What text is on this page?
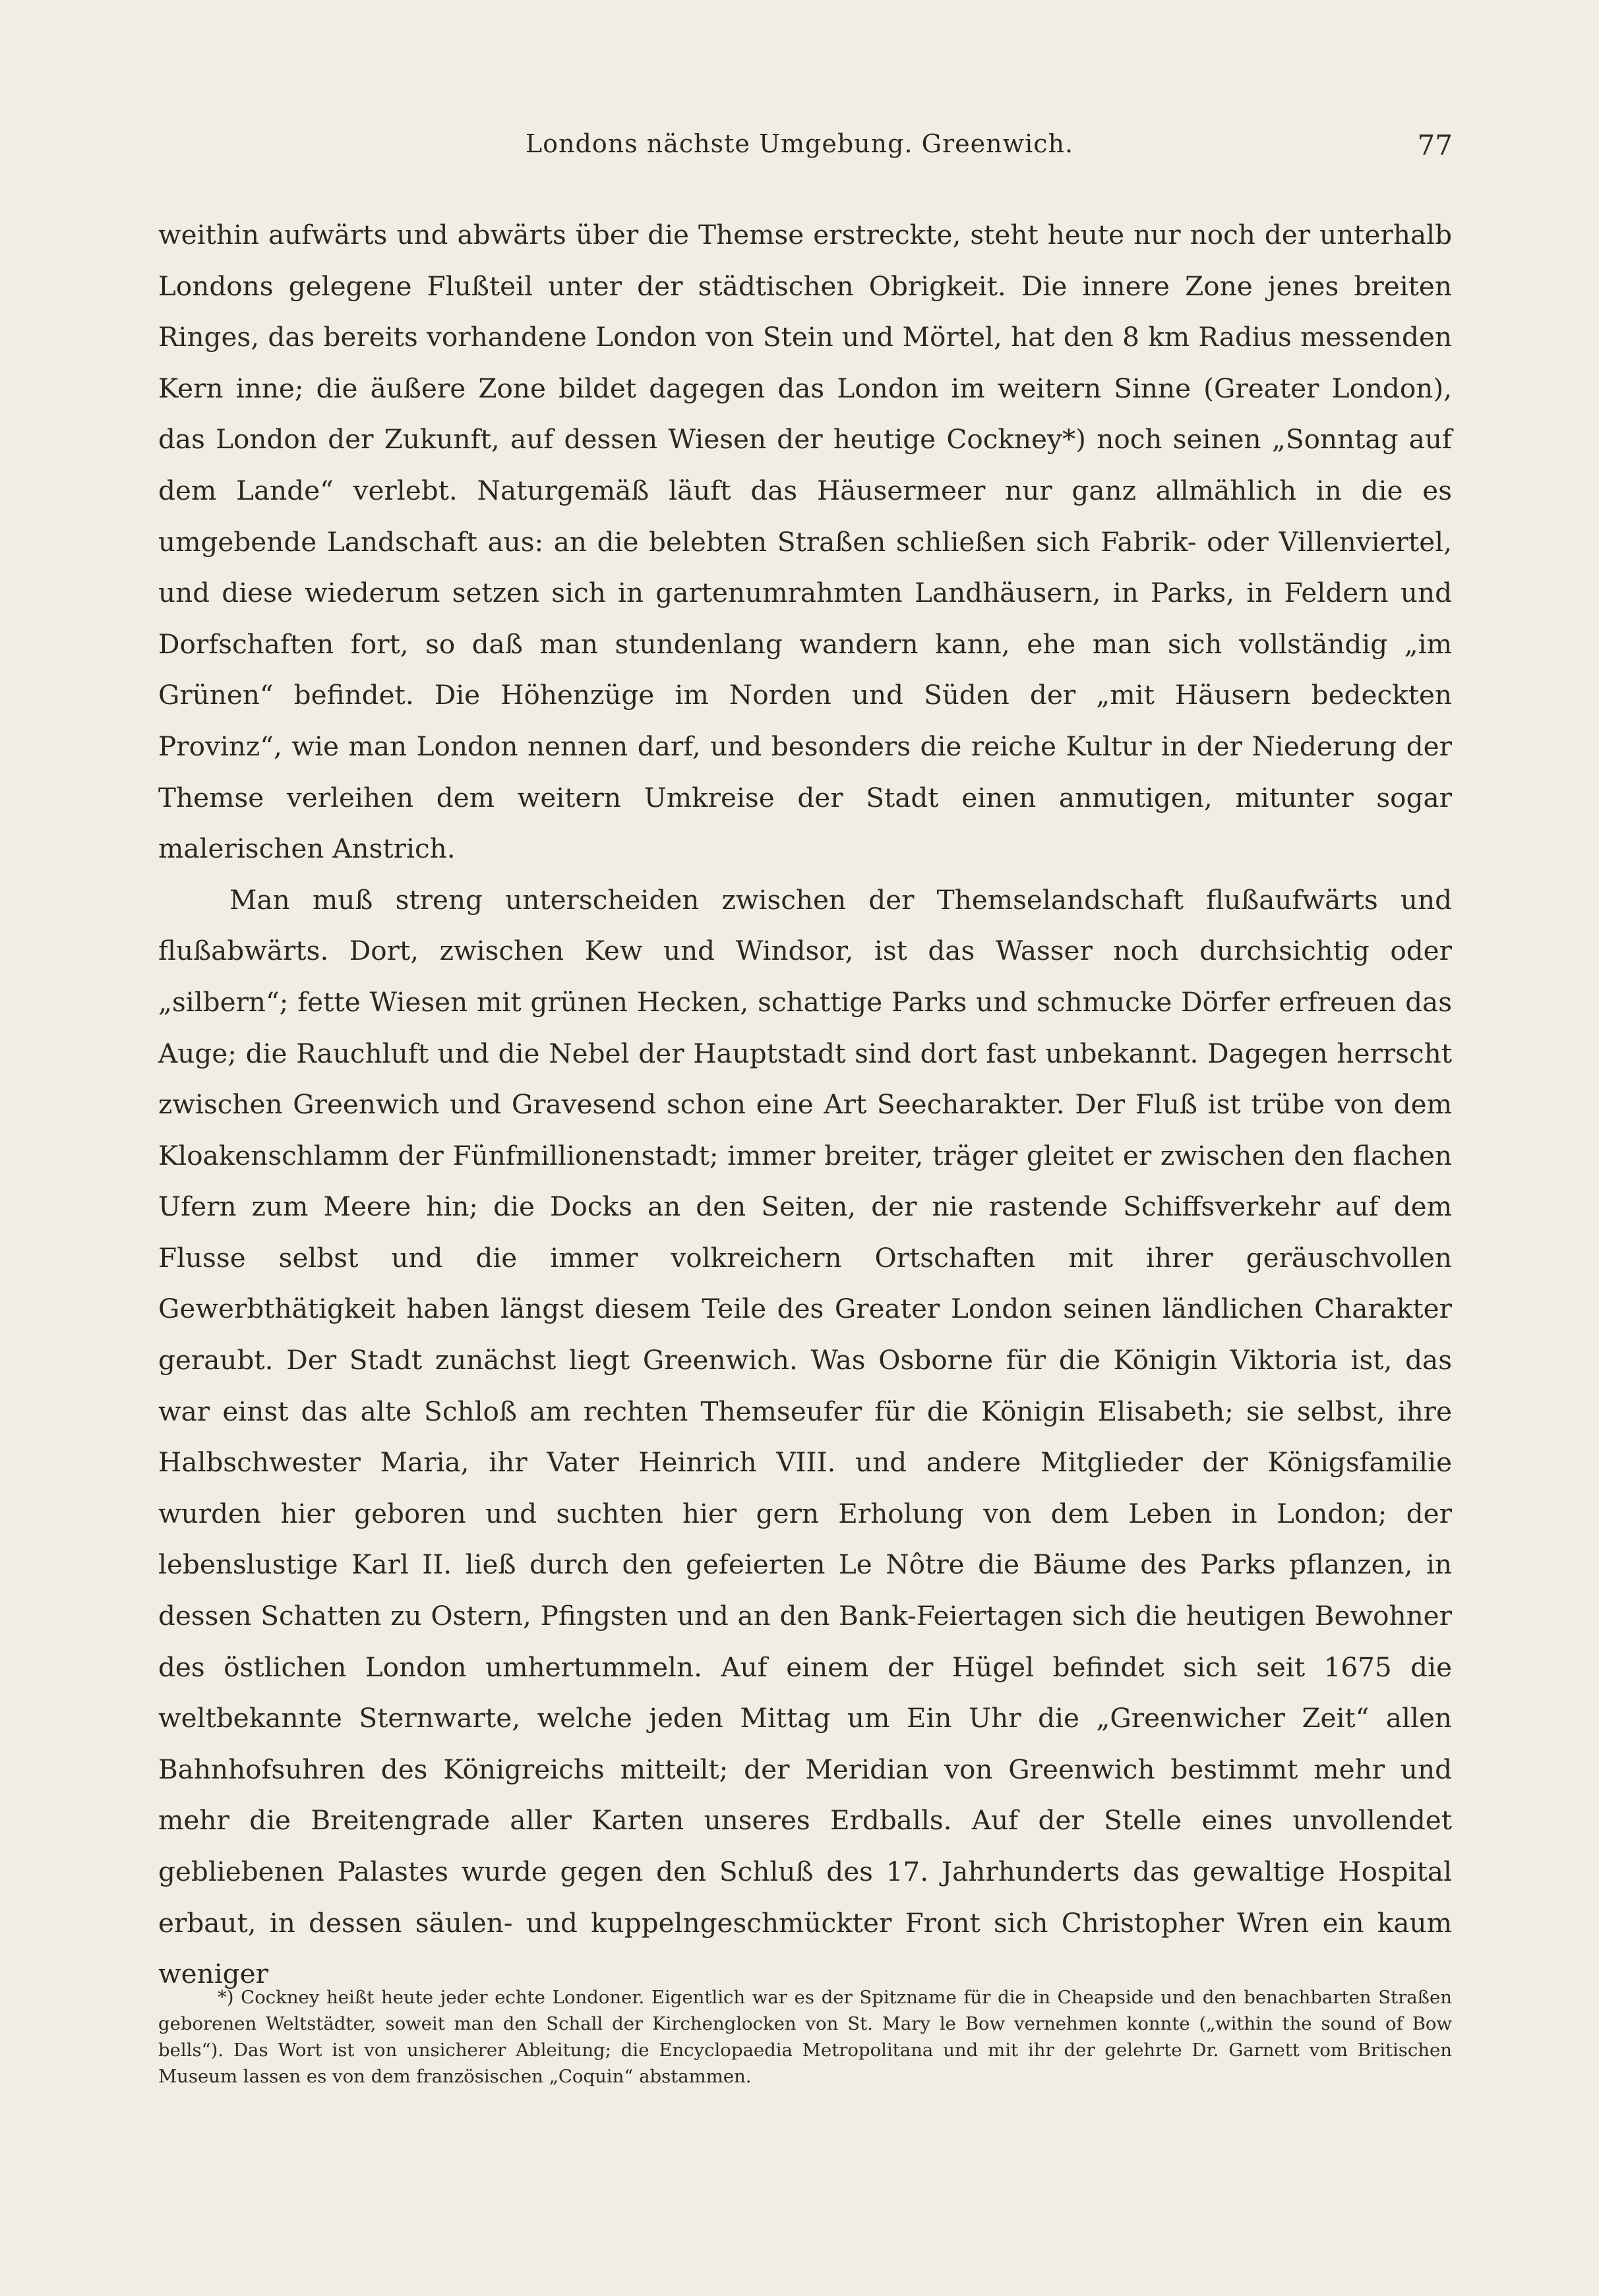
Londons nächste Umgebung. Greenwich.	77

weithin aufwärts und abwärts über die Themse erstreckte, steht heute nur noch der unterhalb Londons gelegene Flußteil unter der städtischen Obrigkeit. Die innere Zone jenes breiten Ringes, das bereits vorhandene London von Stein und Mörtel, hat den 8 km Radius messenden Kern inne; die äußere Zone bildet dagegen das London im weitern Sinne (Greater London), das London der Zukunft, auf dessen Wiesen der heutige Cockney*) noch seinen „Sonntag auf dem Lande“ verlebt. Naturgemäß läuft das Häusermeer nur ganz allmählich in die es umgebende Landschaft aus: an die belebten Straßen schließen sich Fabrik- oder Villenviertel, und diese wiederum setzen sich in gartenumrahmten Landhäusern, in Parks, in Feldern und Dorfschaften fort, so daß man stundenlang wandern kann, ehe man sich vollständig „im Grünen“ befindet. Die Höhenzüge im Norden und Süden der „mit Häusern bedeckten Provinz“, wie man London nennen darf, und besonders die reiche Kultur in der Niederung der Themse verleihen dem weitern Umkreise der Stadt einen anmutigen, mitunter sogar malerischen Anstrich.

Man muß streng unterscheiden zwischen der Themselandschaft flußaufwärts und flußabwärts. Dort, zwischen Kew und Windsor, ist das Wasser noch durchsichtig oder „silbern“; fette Wiesen mit grünen Hecken, schattige Parks und schmucke Dörfer erfreuen das Auge; die Rauchluft und die Nebel der Hauptstadt sind dort fast unbekannt. Dagegen herrscht zwischen Greenwich und Gravesend schon eine Art Seecharakter. Der Fluß ist trübe von dem Kloakenschlamm der Fünfmillionenstadt; immer breiter, träger gleitet er zwischen den flachen Ufern zum Meere hin; die Docks an den Seiten, der nie rastende Schiffsverkehr auf dem Flusse selbst und die immer volkreichern Ortschaften mit ihrer geräuschvollen Gewerbthätigkeit haben längst diesem Teile des Greater London seinen ländlichen Charakter geraubt. Der Stadt zunächst liegt Greenwich. Was Osborne für die Königin Viktoria ist, das war einst das alte Schloß am rechten Themseufer für die Königin Elisabeth; sie selbst, ihre Halbschwester Maria, ihr Vater Heinrich VIII. und andere Mitglieder der Königsfamilie wurden hier geboren und suchten hier gern Erholung von dem Leben in London; der lebenslustige Karl II. ließ durch den gefeierten Le Nôtre die Bäume des Parks pflanzen, in dessen Schatten zu Ostern, Pfingsten und an den Bank-Feiertagen sich die heutigen Bewohner des östlichen London umhertummeln. Auf einem der Hügel befindet sich seit 1675 die weltbekannte Sternwarte, welche jeden Mittag um Ein Uhr die „Greenwicher Zeit“ allen Bahnhofsuhren des Königreichs mitteilt; der Meridian von Greenwich bestimmt mehr und mehr die Breitengrade aller Karten unseres Erdballs. Auf der Stelle eines unvollendet gebliebenen Palastes wurde gegen den Schluß des 17. Jahrhunderts das gewaltige Hospital erbaut, in dessen säulen- und kuppelngeschmückter Front sich Christopher Wren ein kaum weniger

*) Cockney heißt heute jeder echte Londoner. Eigentlich war es der Spitzname für die in Cheapside und den benachbarten Straßen geborenen Weltstädter, soweit man den Schall der Kirchenglocken von St. Mary le Bow vernehmen konnte („within the sound of Bow bells“). Das Wort ist von unsicherer Ableitung; die Encyclopaedia Metropolitana und mit ihr der gelehrte Dr. Garnett vom Britischen Museum lassen es von dem französischen „Coquin“ abstammen.
